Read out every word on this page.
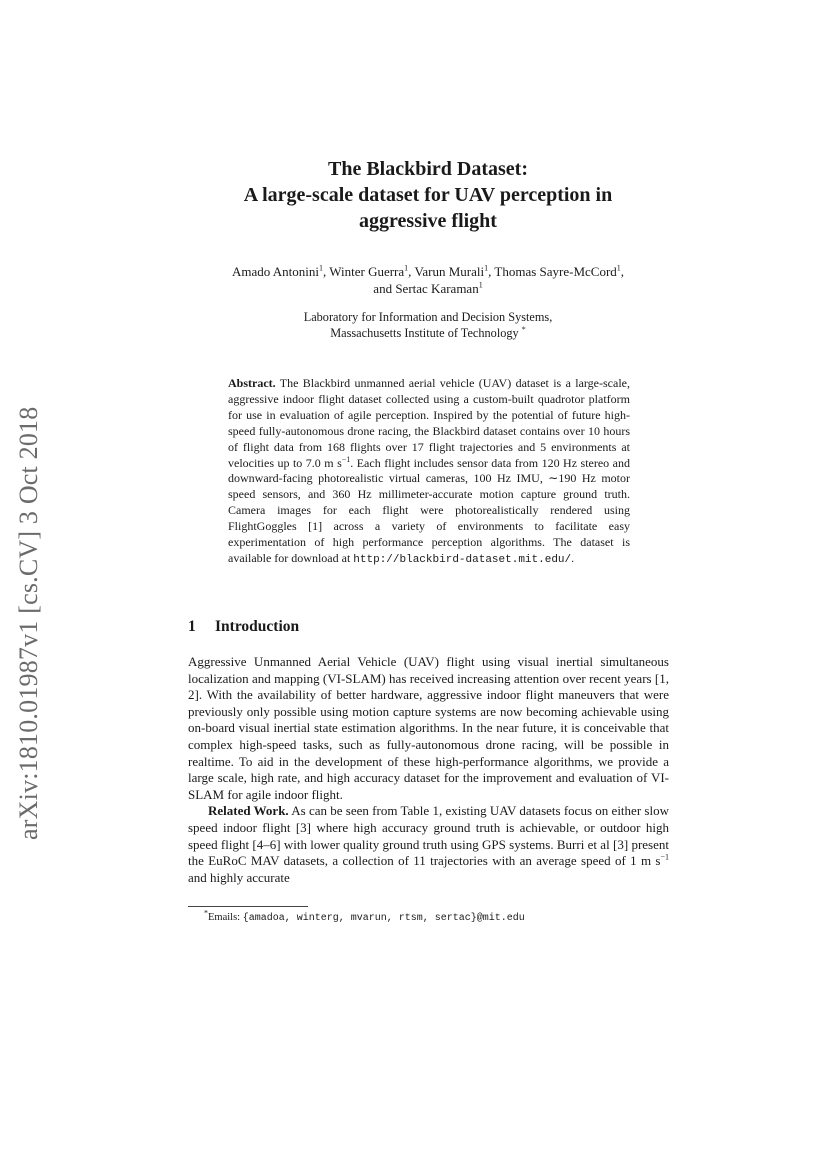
arXiv:1810.01987v1 [cs.CV] 3 Oct 2018
The Blackbird Dataset:
A large-scale dataset for UAV perception in
aggressive flight
Amado Antonini$^1$, Winter Guerra$^1$, Varun Murali$^1$, Thomas Sayre-McCord$^1$,
and Sertac Karaman$^1$
Laboratory for Information and Decision Systems,
Massachusetts Institute of Technology *
Abstract. The Blackbird unmanned aerial vehicle (UAV) dataset is a large-scale, aggressive indoor flight dataset collected using a custom-built quadrotor platform for use in evaluation of agile perception. Inspired by the potential of future high-speed fully-autonomous drone racing, the Blackbird dataset contains over 10 hours of flight data from 168 flights over 17 flight trajectories and 5 environments at velocities up to 7.0 m $s^{-1}$. Each flight includes sensor data from 120 Hz stereo and downward-facing photorealistic virtual cameras, 100 Hz IMU, ∼190 Hz motor speed sensors, and 360 Hz millimeter-accurate motion capture ground truth. Camera images for each flight were photorealistically rendered using FlightGoggles [1] across a variety of environments to facilitate easy experimentation of high performance perception algorithms. The dataset is available for download at http://blackbird-dataset.mit.edu/.
1 Introduction

Aggressive Unmanned Aerial Vehicle (UAV) flight using visual inertial simultaneous localization and mapping (VI-SLAM) has received increasing attention over recent years [1, 2]. With the availability of better hardware, aggressive indoor flight maneuvers that were previously only possible using motion capture systems are now becoming achievable using on-board visual inertial state estimation algorithms. In the near future, it is conceivable that complex high-speed tasks, such as fully-autonomous drone racing, will be possible in realtime. To aid in the development of these high-performance algorithms, we provide a large scale, high rate, and high accuracy dataset for the improvement and evaluation of VI-SLAM for agile indoor flight.

Related Work. As can be seen from Table 1, existing UAV datasets focus on either slow speed indoor flight [3] where high accuracy ground truth is achievable, or outdoor high speed flight [4–6] with lower quality ground truth using GPS systems. Burri et al [3] present the EuRoC MAV datasets, a collection of 11 trajectories with an average speed of 1 m $s^{-1}$ and highly accurate

*Emails: {amadoa, winterg, mvarun, rtsm, sertac}@mit.edu
